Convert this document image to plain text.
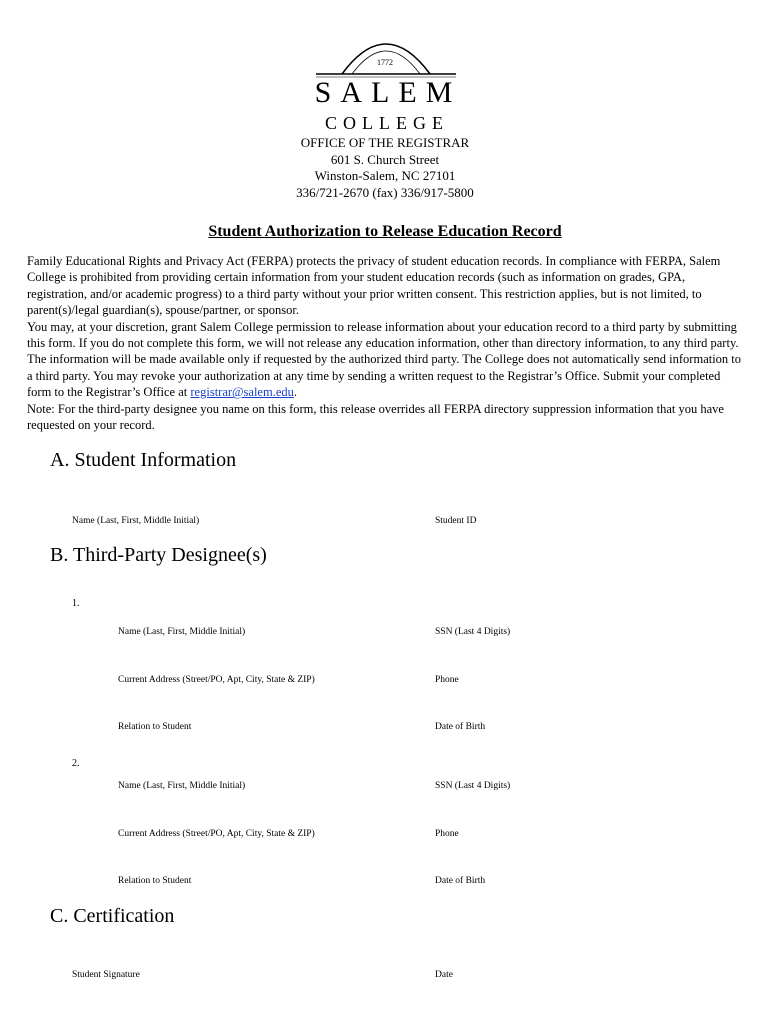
1772
SALEM
COLLEGE
OFFICE OF THE REGISTRAR
601 S. Church Street
Winston-Salem, NC 27101
336/721-2670 (fax) 336/917-5800
Student Authorization to Release Education Record

Family Educational Rights and Privacy Act (FERPA) protects the privacy of student education records. In compliance with FERPA, Salem College is prohibited from providing certain information from your student education records (such as information on grades, GPA, registration, and/or academic progress) to a third party without your prior written consent. This restriction applies, but is not limited, to parent(s)/legal guardian(s), spouse/partner, or sponsor.

You may, at your discretion, grant Salem College permission to release information about your education record to a third party by submitting this form. If you do not complete this form, we will not release any education information, other than directory information, to any third party. The information will be made available only if requested by the authorized third party. The College does not automatically send information to a third party. You may revoke your authorization at any time by sending a written request to the Registrar’s Office. Submit your completed form to the Registrar’s Office at registrar@salem.edu.

Note: For the third-party designee you name on this form, this release overrides all FERPA directory suppression information that you have requested on your record.

A. Student Information
Name (Last, First, Middle Initial)	Student ID
B. Third-Party Designee(s)
1.
Name (Last, First, Middle Initial)	SSN (Last 4 Digits)
Current Address (Street/PO, Apt, City, State & ZIP)	Phone
Relation to Student	Date of Birth
2.
Name (Last, First, Middle Initial)	SSN (Last 4 Digits)
Current Address (Street/PO, Apt, City, State & ZIP)	Phone
Relation to Student	Date of Birth
C. Certification
Student Signature	Date
